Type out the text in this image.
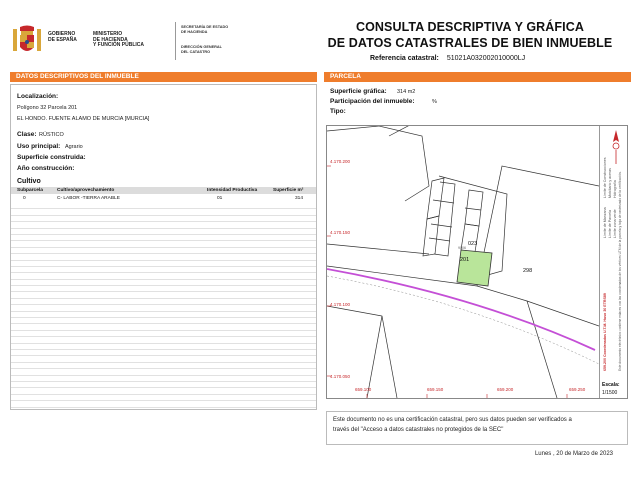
GOBIERNO
DE ESPAÑA
MINISTERIO
DE HACIENDA
Y FUNCIÓN PÚBLICA
SECRETARÍA DE ESTADO
DE HACIENDA
DIRECCIÓN GENERAL
DEL CATASTRO
CONSULTA DESCRIPTIVA Y GRÁFICA
DE DATOS CATASTRALES DE BIEN INMUEBLE
Referencia catastral: 51021A032002010000LJ
DATOS DESCRIPTIVOS DEL INMUEBLE	PARCELA
Localización:
Polígono 32 Parcela 201
EL HONDO. FUENTE ALAMO DE MURCIA [MURCIA]
Clase: RÚSTICO
Uso principal: Agrario
Superficie construida:
Año construcción:
Cultivo
Subparcela	Cultivo/aprovechamiento	Intensidad Productiva	Superficie m²
0	C- LABOR -TIERRA ARABLE	01	314
Superficie gráfica: 314 m2
Participación del inmueble:	%
Tipo:
4.170.200
4.170.150
4.170.100
4.170.050
659.100	659.150	659.200	659.250
023
201
298
9006
Límite de Manzana Límite de Parcela
Límite de Construcciones Mobiliario y aceras
Límite zona verde
Hidrografía Este documento electrónico contiene enlaces con las coordenadas de los vértices UTM de la parcela y hoja de rasterizado de la certificación.
659.200 Coordenadas U.T.M. Huso 30 ETRS89
Escala:
1/1500
Este documento no es una certificación catastral, pero sus datos pueden ser verificados a
través del "Acceso a datos catastrales no protegidos de la SEC"
Lunes , 20 de Marzo de 2023
